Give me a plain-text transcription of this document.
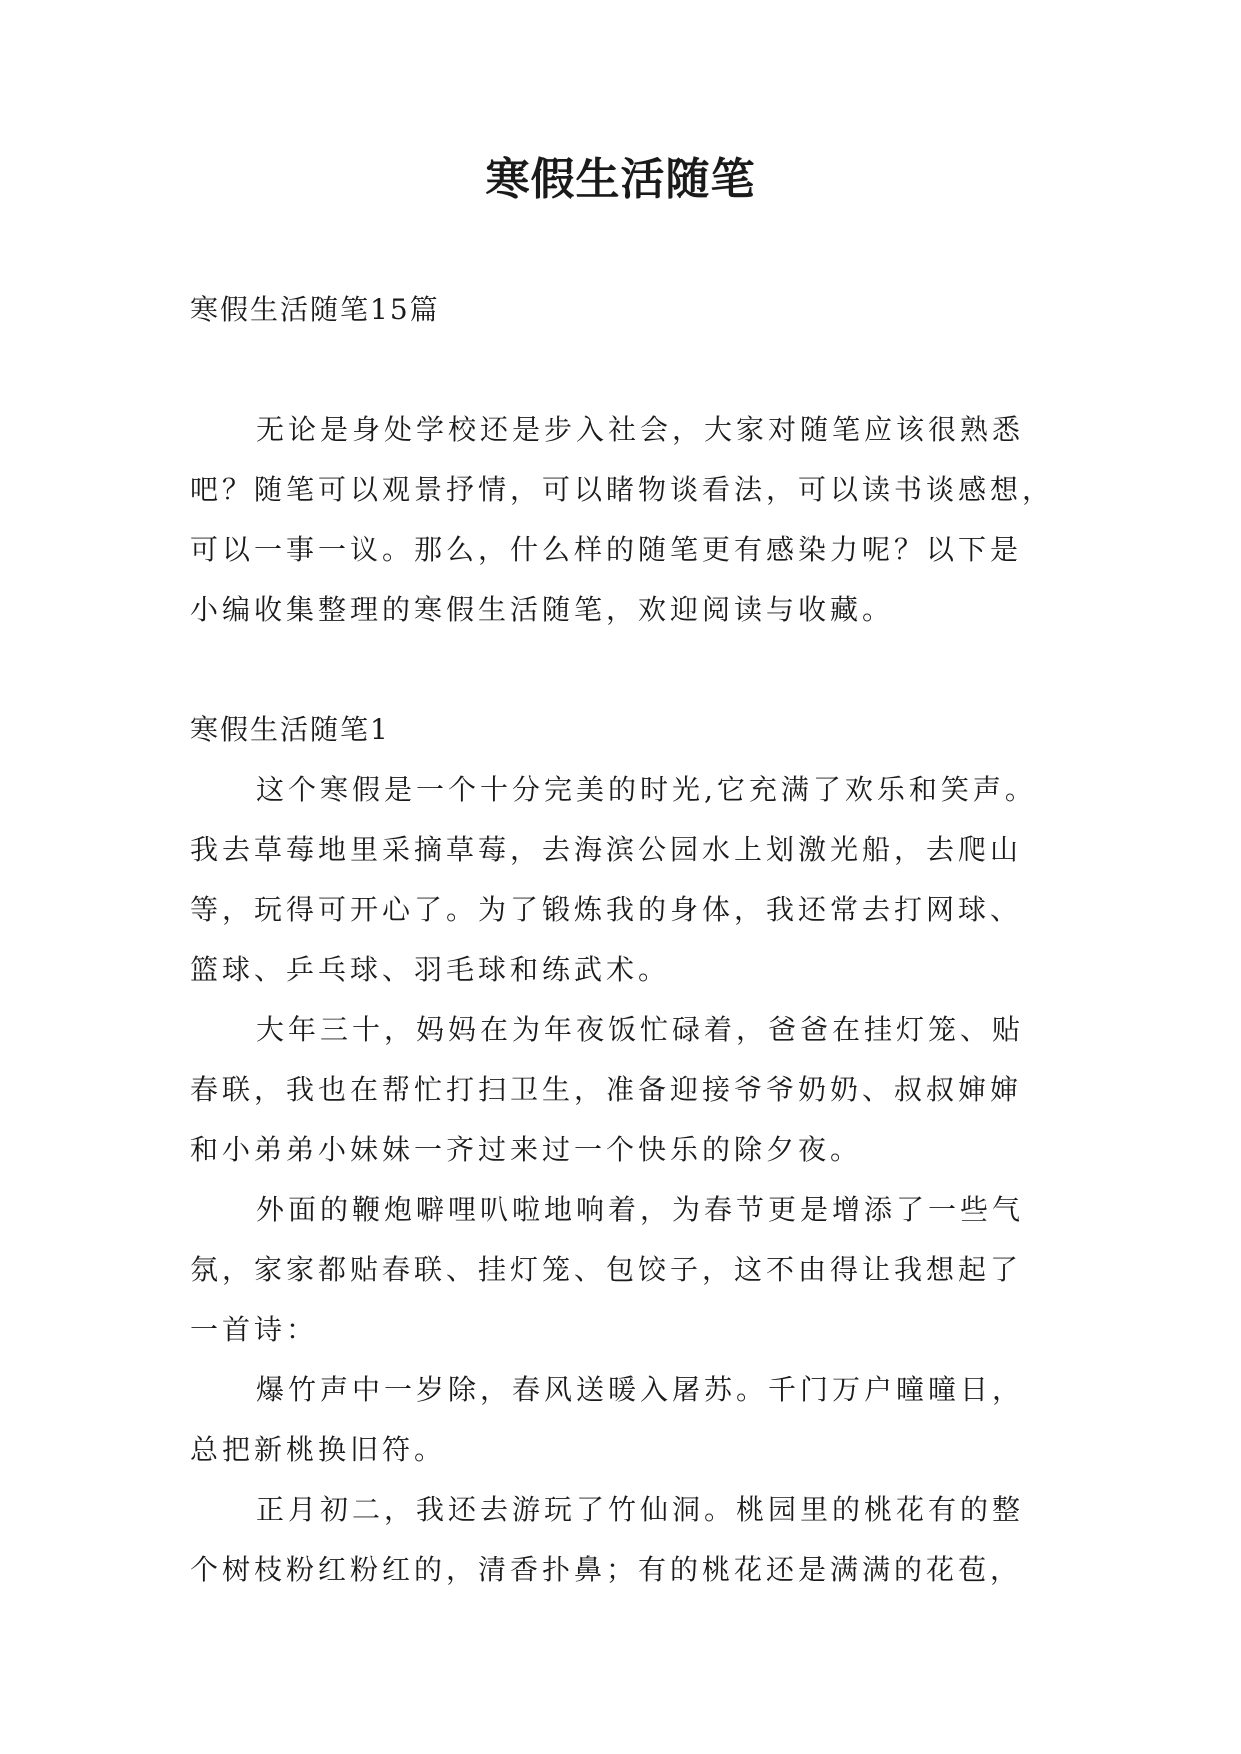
寒假生活随笔
寒假生活随笔15篇
无论是身处学校还是步入社会，大家对随笔应该很熟悉
吧？随笔可以观景抒情，可以睹物谈看法，可以读书谈感想，
可以一事一议。那么，什么样的随笔更有感染力呢？以下是
小编收集整理的寒假生活随笔，欢迎阅读与收藏。
寒假生活随笔1
这个寒假是一个十分完美的时光,它充满了欢乐和笑声。
我去草莓地里采摘草莓，去海滨公园水上划激光船，去爬山
等，玩得可开心了。为了锻炼我的身体，我还常去打网球、
篮球、乒乓球、羽毛球和练武术。
大年三十，妈妈在为年夜饭忙碌着，爸爸在挂灯笼、贴
春联，我也在帮忙打扫卫生，准备迎接爷爷奶奶、叔叔婶婶
和小弟弟小妹妹一齐过来过一个快乐的除夕夜。
外面的鞭炮噼哩叭啦地响着，为春节更是增添了一些气
氛，家家都贴春联、挂灯笼、包饺子，这不由得让我想起了
一首诗：
爆竹声中一岁除，春风送暖入屠苏。千门万户曈曈日，
总把新桃换旧符。
正月初二，我还去游玩了竹仙洞。桃园里的桃花有的整
个树枝粉红粉红的，清香扑鼻；有的桃花还是满满的花苞，
